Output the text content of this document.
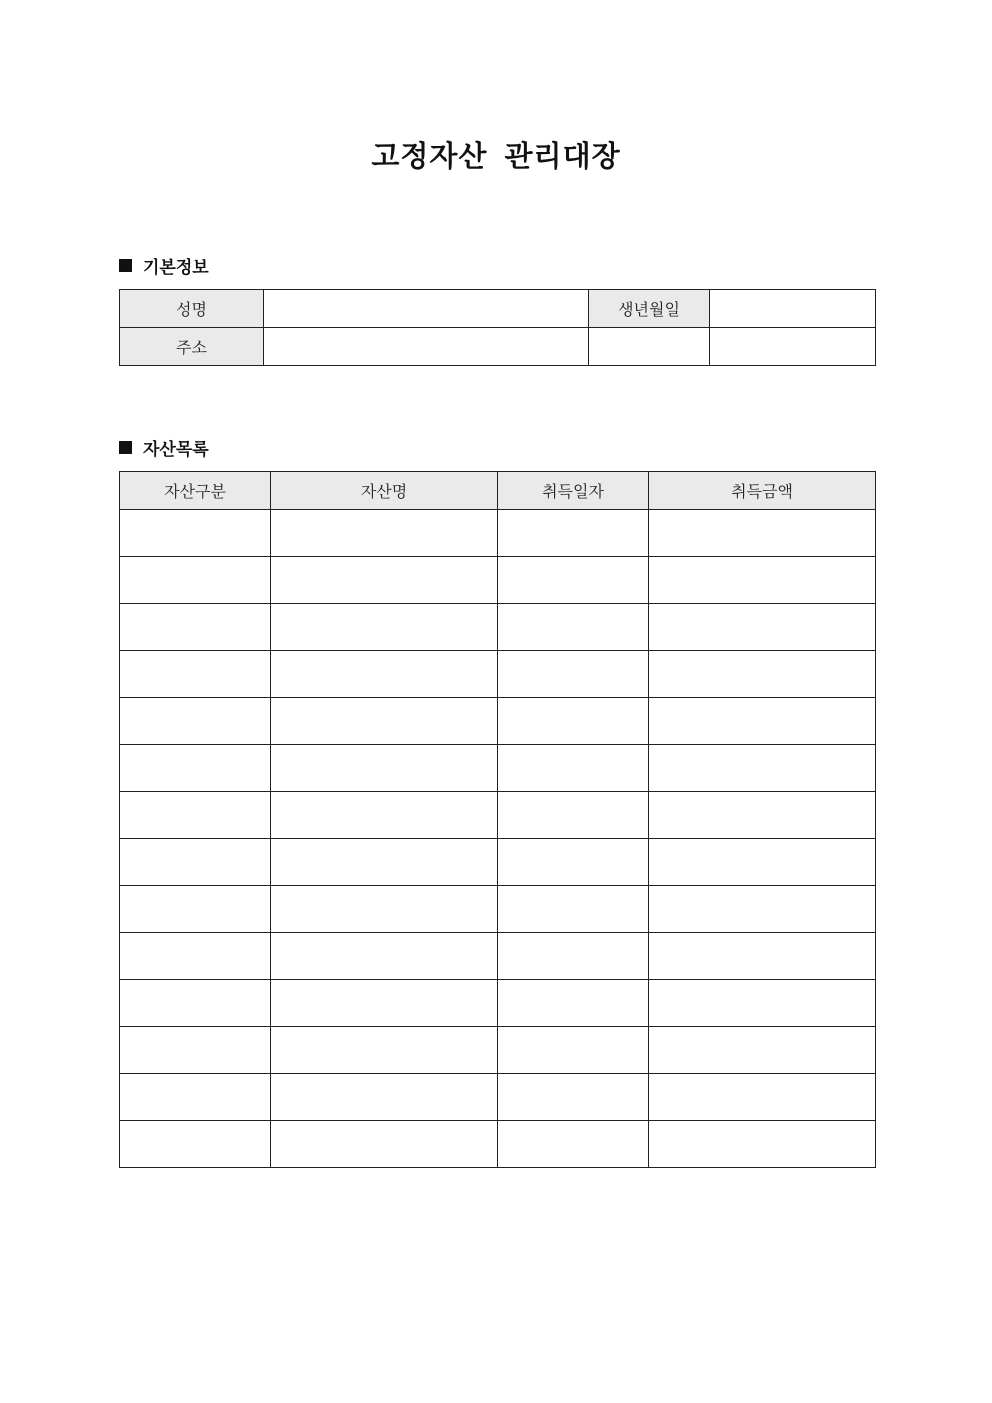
고정자산 관리대장
기본정보
성명		생년월일	
주소			
자산목록
자산구분	자산명	취득일자	취득금액
